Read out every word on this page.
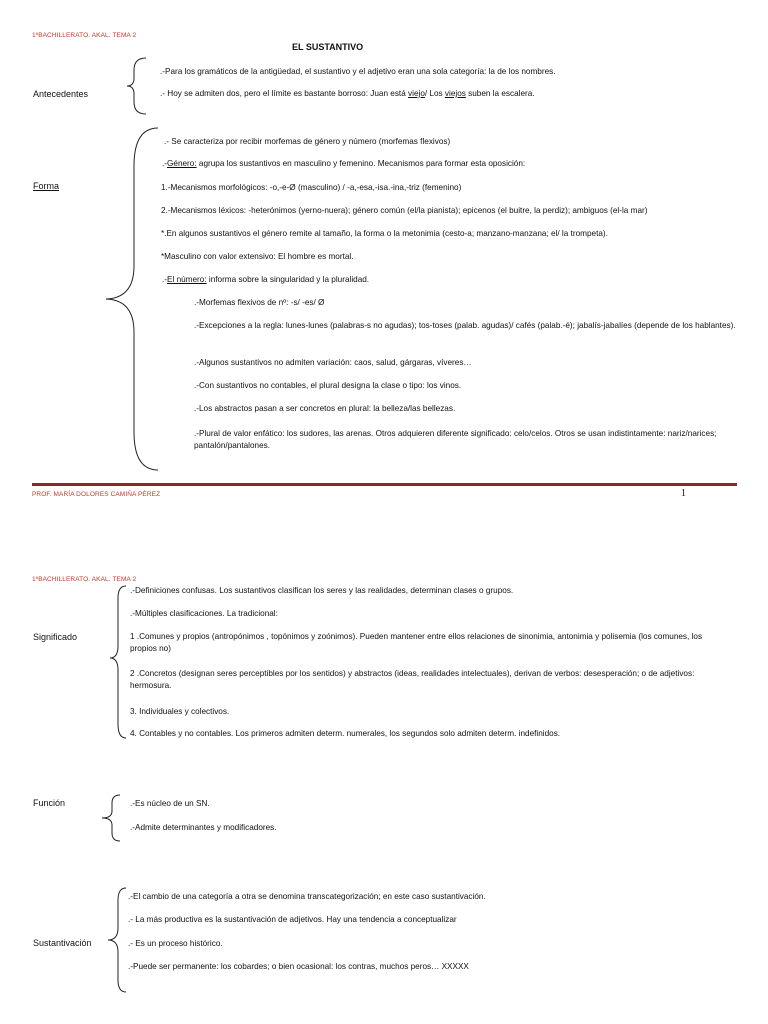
1ºBACHILLERATO. AKAL. TEMA 2
EL SUSTANTIVO
Antecedentes
.-Para los gramáticos de la antigüedad, el sustantivo y el adjetivo eran una sola categoría: la de los nombres.
.- Hoy se admiten dos, pero el límite es bastante borroso: Juan está viejo/ Los viejos suben la escalera.
Forma
.- Se caracteriza por recibir morfemas de género y número (morfemas flexivos)
.-Género: agrupa los sustantivos en masculino y femenino. Mecanismos para formar esta oposición:
1.-Mecanismos morfológicos: -o,-e-Ø (masculino) / -a,-esa,-isa.-ina,-triz (femenino)
2.-Mecanismos léxicos: -heterónimos (yerno-nuera); género común (el/la pianista); epicenos (el buitre, la perdiz); ambiguos (el-la mar)
*.En algunos sustantivos el género remite al tamaño, la forma o la metonimia (cesto-a; manzano-manzana; el/ la trompeta).
*Masculino con valor extensivo: El hombre es mortal.
.-El número: informa sobre la singularidad y la pluralidad.
.-Morfemas flexivos de nº: -s/ -es/ Ø
.-Excepciones a la regla: lunes-lunes (palabras-s no agudas); tos-toses (palab. agudas)/ cafés (palab.-é); jabalís-jabalíes (depende de los hablantes).
.-Algunos sustantivos no admiten variación: caos, salud, gárgaras, víveres…
.-Con sustantivos no contables, el plural designa la clase o tipo: los vinos.
.-Los abstractos pasan a ser concretos en plural: la belleza/las bellezas.
.-Plural de valor enfático: los sudores, las arenas. Otros adquieren diferente significado: celo/celos. Otros se usan indistintamente: nariz/narices; pantalón/pantalones.
PROF. MARÍA DOLORES CAMIÑA PÉREZ	1
1ºBACHILLERATO. AKAL. TEMA 2
Significado
.-Definiciones confusas. Los sustantivos clasifican los seres y las realidades, determinan clases o grupos.
.-Múltiples clasificaciones. La tradicional:
1 .Comunes y propios (antropónimos , topónimos y zoónimos). Pueden mantener entre ellos relaciones de sinonimia, antonimia y polisemia (los comunes, los propios no)
2 .Concretos (designan seres perceptibles por los sentidos) y abstractos (ideas, realidades intelectuales), derivan de verbos: desesperación; o de adjetivos: hermosura.
3. Individuales y colectivos.
4. Contables y no contables. Los primeros admiten determ. numerales, los segundos solo admiten determ. indefinidos.
Función	.-Es núcleo de un SN.
.-Admite determinantes y modificadores.
Sustantivación
.-El cambio de una categoría a otra se denomina transcategorización; en este caso sustantivación.
.- La más productiva es la sustantivación de adjetivos. Hay una tendencia a conceptualizar
.- Es un proceso histórico.
.-Puede ser permanente: los cobardes; o bien ocasional: los contras, muchos peros… XXXXX
